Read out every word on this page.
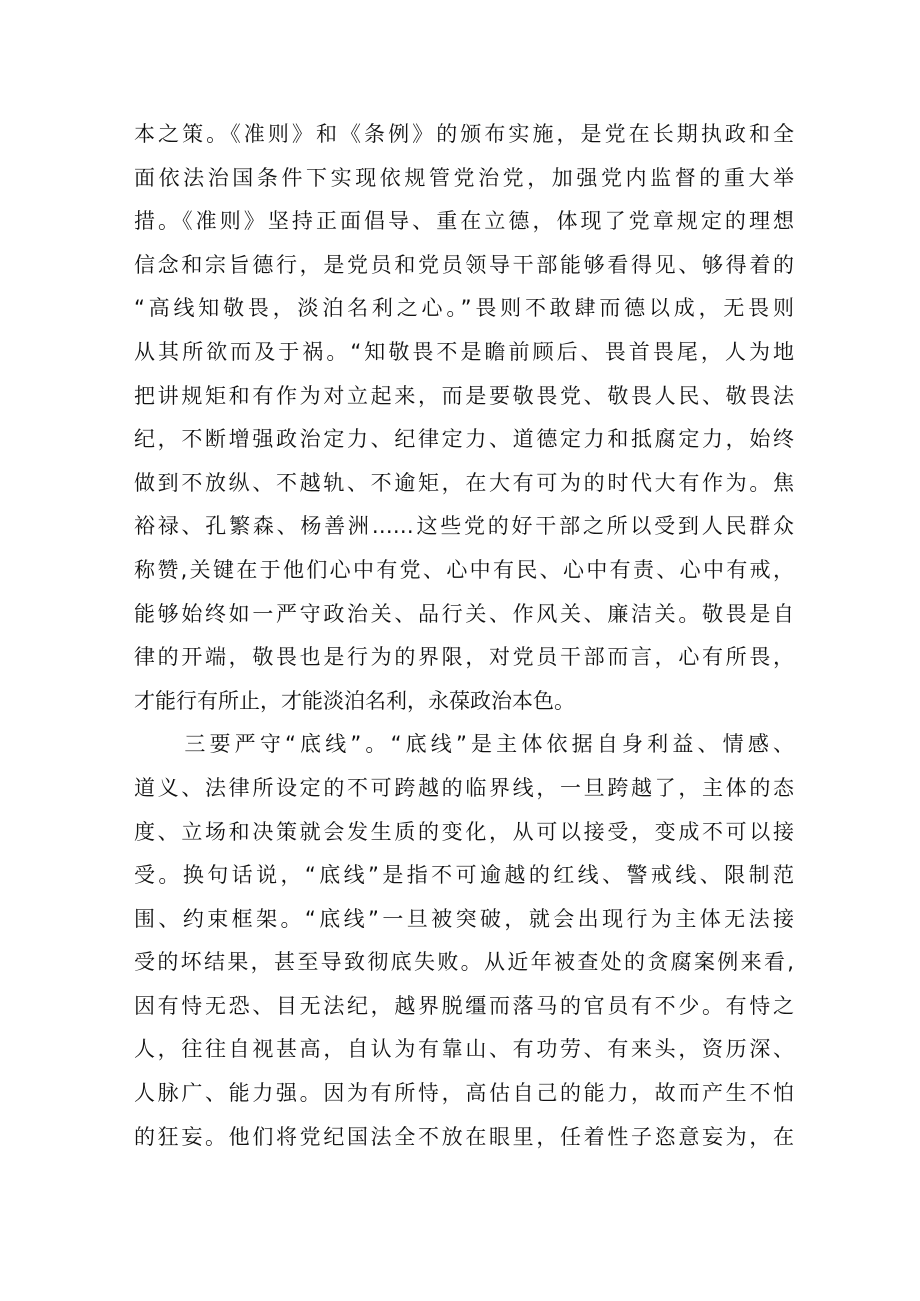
本之策。《准则》和《条例》的颁布实施，是党在长期执政和全
面依法治国条件下实现依规管党治党，加强党内监督的重大举
措。《准则》坚持正面倡导、重在立德，体现了党章规定的理想
信念和宗旨德行，是党员和党员领导干部能够看得见、够得着的
“高线知敬畏，淡泊名利之心。”畏则不敢肆而德以成，无畏则
从其所欲而及于祸。“知敬畏不是瞻前顾后、畏首畏尾，人为地
把讲规矩和有作为对立起来，而是要敬畏党、敬畏人民、敬畏法
纪，不断增强政治定力、纪律定力、道德定力和抵腐定力，始终
做到不放纵、不越轨、不逾矩，在大有可为的时代大有作为。焦
裕禄、孔繁森、杨善洲……这些党的好干部之所以受到人民群众
称赞,关键在于他们心中有党、心中有民、心中有责、心中有戒，
能够始终如一严守政治关、品行关、作风关、廉洁关。敬畏是自
律的开端，敬畏也是行为的界限，对党员干部而言，心有所畏，
才能行有所止，才能淡泊名利，永葆政治本色。
　　三要严守“底线”。“底线”是主体依据自身利益、情感、
道义、法律所设定的不可跨越的临界线，一旦跨越了，主体的态
度、立场和决策就会发生质的变化，从可以接受，变成不可以接
受。换句话说，“底线”是指不可逾越的红线、警戒线、限制范
围、约束框架。“底线”一旦被突破，就会出现行为主体无法接
受的坏结果，甚至导致彻底失败。从近年被查处的贪腐案例来看,
因有恃无恐、目无法纪，越界脱缰而落马的官员有不少。有恃之
人，往往自视甚高，自认为有靠山、有功劳、有来头，资历深、
人脉广、能力强。因为有所恃，高估自己的能力，故而产生不怕
的狂妄。他们将党纪国法全不放在眼里，任着性子恣意妄为，在
